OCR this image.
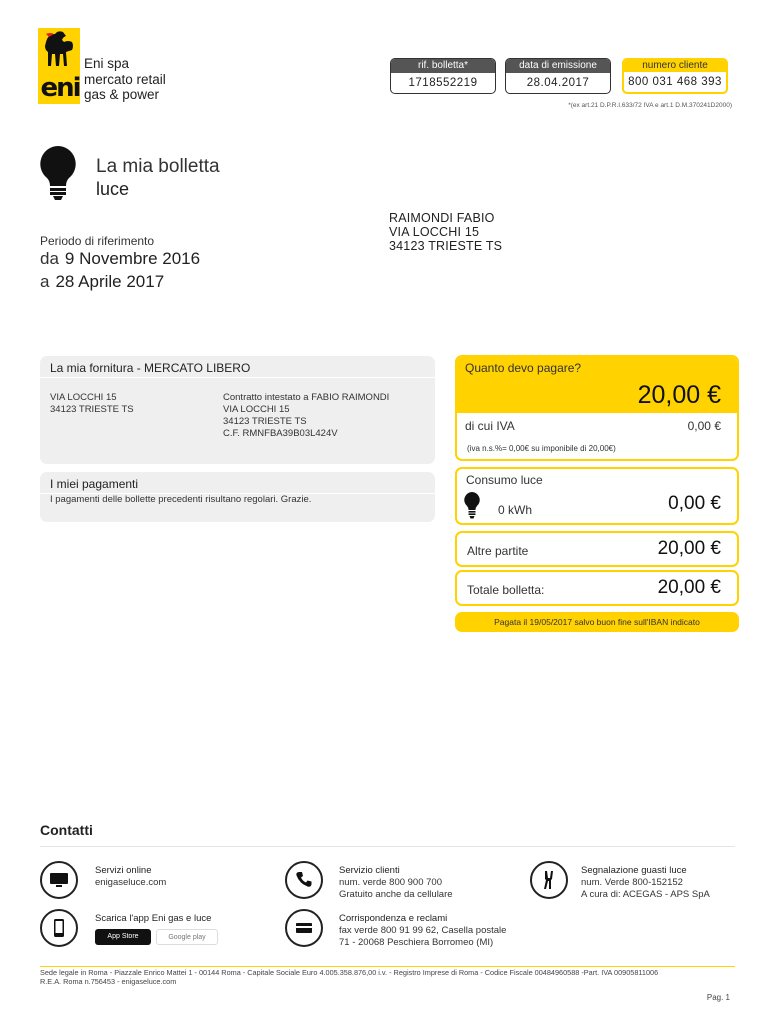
eni
Eni spa
mercato retail
gas & power
rif. bolletta*
1718552219
data di emissione
28.04.2017
numero cliente
800 031 468 393
*(ex art.21 D.P.R.I.633/72 IVA e art.1 D.M.370241D2000)
La mia bolletta
luce
RAIMONDI FABIO
VIA LOCCHI 15
34123 TRIESTE TS
Periodo di riferimento
da 9 Novembre 2016
a 28 Aprile 2017
La mia fornitura - MERCATO LIBERO
VIA LOCCHI 15
34123 TRIESTE TS
Contratto intestato a FABIO RAIMONDI
VIA LOCCHI 15
34123 TRIESTE TS
C.F. RMNFBA39B03L424V
I miei pagamenti
I pagamenti delle bollette precedenti risultano regolari. Grazie.
Quanto devo pagare?
20,00 €
di cui IVA	0,00 €
(iva n.s.%= 0,00€ su imponibile di 20,00€)
Consumo luce
0 kWh	0,00 €
Altre partite	20,00 €
Totale bolletta:	20,00 €
Pagata il 19/05/2017 salvo buon fine sull'IBAN indicato
Contatti
Servizi online
enigaseluce.com
Servizio clienti
num. verde 800 900 700
Gratuito anche da cellulare
Segnalazione guasti luce
num. Verde 800-152152
A cura di: ACEGAS - APS SpA
Scarica l'app Eni gas e luce
App Store	Google play
Corrispondenza e reclami
fax verde 800 91 99 62, Casella postale
71 - 20068 Peschiera Borromeo (MI)
Sede legale in Roma - Piazzale Enrico Mattei 1 - 00144 Roma - Capitale Sociale Euro 4.005.358.876,00 i.v. - Registro Imprese di Roma - Codice Fiscale 00484960588 -Part. IVA 00905811006
R.E.A. Roma n.756453 - enigaseluce.com
Pag. 1
